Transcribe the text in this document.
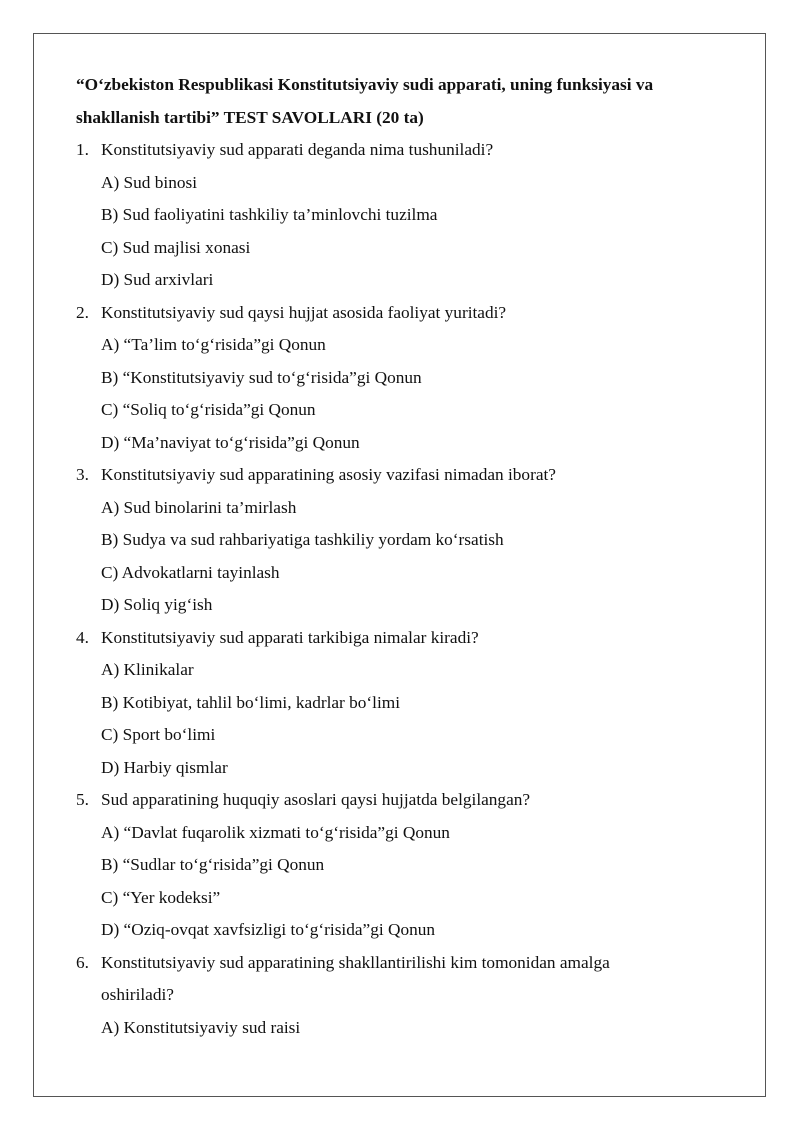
“O‘zbekiston Respublikasi Konstitutsiyaviy sudi apparati, uning funksiyasi va shakllanish tartibi” TEST SAVOLLARI (20 ta)

1. Konstitutsiyaviy sud apparati deganda nima tushuniladi?
A) Sud binosi
B) Sud faoliyatini tashkiliy ta’minlovchi tuzilma
C) Sud majlisi xonasi
D) Sud arxivlari
2. Konstitutsiyaviy sud qaysi hujjat asosida faoliyat yuritadi?
A) “Ta’lim to‘g‘risida”gi Qonun
B) “Konstitutsiyaviy sud to‘g‘risida”gi Qonun
C) “Soliq to‘g‘risida”gi Qonun
D) “Ma’naviyat to‘g‘risida”gi Qonun
3. Konstitutsiyaviy sud apparatining asosiy vazifasi nimadan iborat?
A) Sud binolarini ta’mirlash
B) Sudya va sud rahbariyatiga tashkiliy yordam ko‘rsatish
C) Advokatlarni tayinlash
D) Soliq yig‘ish
4. Konstitutsiyaviy sud apparati tarkibiga nimalar kiradi?
A) Klinikalar
B) Kotibiyat, tahlil bo‘limi, kadrlar bo‘limi
C) Sport bo‘limi
D) Harbiy qismlar
5. Sud apparatining huquqiy asoslari qaysi hujjatda belgilangan?
A) “Davlat fuqarolik xizmati to‘g‘risida”gi Qonun
B) “Sudlar to‘g‘risida”gi Qonun
C) “Yer kodeksi”
D) “Oziq-ovqat xavfsizligi to‘g‘risida”gi Qonun
6. Konstitutsiyaviy sud apparatining shakllantirilishi kim tomonidan amalga oshiriladi?
A) Konstitutsiyaviy sud raisi
